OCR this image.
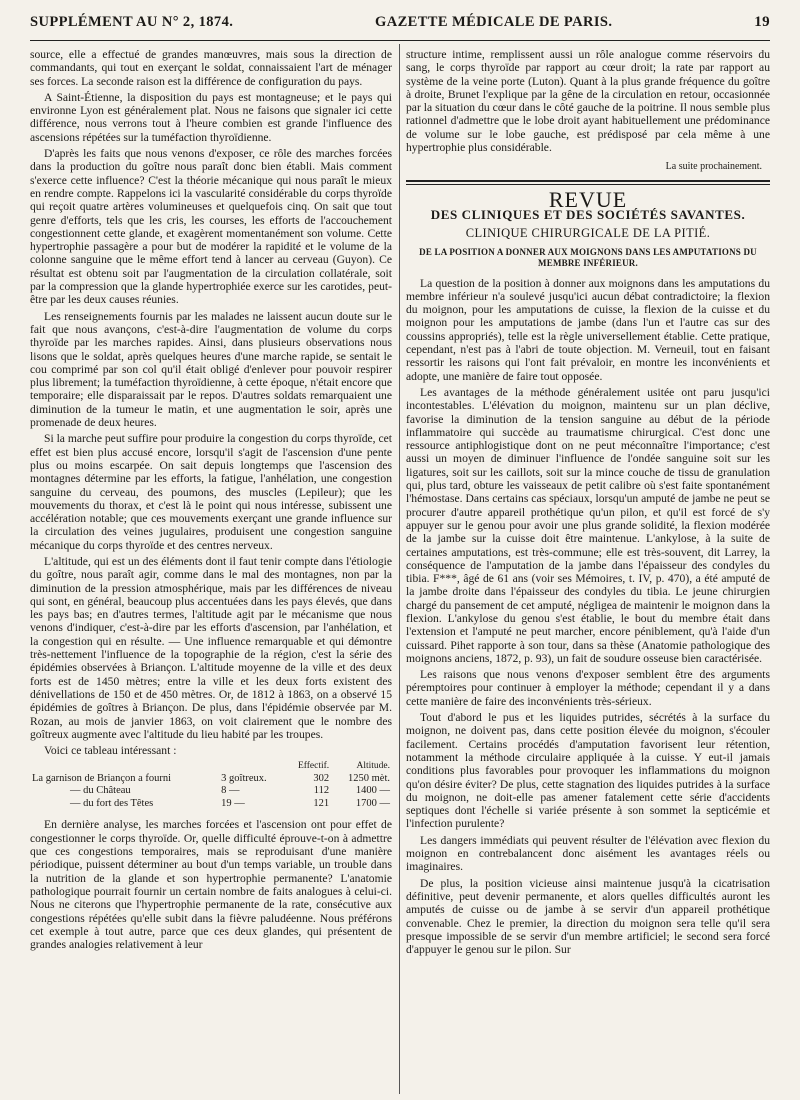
SUPPLÉMENT AU N° 2, 1874.	GAZETTE MÉDICALE DE PARIS.	19

source, elle a effectué de grandes manœuvres, mais sous la direction de commandants, qui tout en exerçant le soldat, connaissaient l'art de ménager ses forces. La seconde raison est la différence de configuration du pays.

A Saint-Étienne, la disposition du pays est montagneuse; et le pays qui environne Lyon est généralement plat. Nous ne faisons que signaler ici cette différence, nous verrons tout à l'heure combien est grande l'influence des ascensions répétées sur la tuméfaction thyroïdienne.

D'après les faits que nous venons d'exposer, ce rôle des marches forcées dans la production du goître nous paraît donc bien établi. Mais comment s'exerce cette influence? C'est la théorie mécanique qui nous paraît le mieux en rendre compte. Rappelons ici la vascularité considérable du corps thyroïde qui reçoit quatre artères volumineuses et quelquefois cinq. On sait que tout genre d'efforts, tels que les cris, les courses, les efforts de l'accouchement congestionnent cette glande, et exagèrent momentanément son volume. Cette hypertrophie passagère a pour but de modérer la rapidité et le volume de la colonne sanguine que le même effort tend à lancer au cerveau (Guyon). Ce résultat est obtenu soit par l'augmentation de la circulation collatérale, soit par la compression que la glande hypertrophiée exerce sur les carotides, peut-être par les deux causes réunies.

Les renseignements fournis par les malades ne laissent aucun doute sur le fait que nous avançons, c'est-à-dire l'augmentation de volume du corps thyroïde par les marches rapides. Ainsi, dans plusieurs observations nous lisons que le soldat, après quelques heures d'une marche rapide, se sentait le cou comprimé par son col qu'il était obligé d'enlever pour pouvoir respirer plus librement; la tuméfaction thyroïdienne, à cette époque, n'était encore que temporaire; elle disparaissait par le repos. D'autres soldats remarquaient une diminution de la tumeur le matin, et une augmentation le soir, après une promenade de deux heures.

Si la marche peut suffire pour produire la congestion du corps thyroïde, cet effet est bien plus accusé encore, lorsqu'il s'agit de l'ascension d'une pente plus ou moins escarpée. On sait depuis longtemps que l'ascension des montagnes détermine par les efforts, la fatigue, l'anhélation, une congestion sanguine du cerveau, des poumons, des muscles (Lepileur); que les mouvements du thorax, et c'est là le point qui nous intéresse, subissent une accélération notable; que ces mouvements exerçant une grande influence sur la circulation des veines jugulaires, produisent une congestion sanguine mécanique du corps thyroïde et des centres nerveux.

L'altitude, qui est un des éléments dont il faut tenir compte dans l'étiologie du goître, nous paraît agir, comme dans le mal des montagnes, non par la diminution de la pression atmosphérique, mais par les différences de niveau qui sont, en général, beaucoup plus accentuées dans les pays élevés, que dans les pays bas; en d'autres termes, l'altitude agit par le mécanisme que nous venons d'indiquer, c'est-à-dire par les efforts d'ascension, par l'anhélation, et la congestion qui en résulte. — Une influence remarquable et qui démontre très-nettement l'influence de la topographie de la région, c'est la série des épidémies observées à Briançon. L'altitude moyenne de la ville et des deux forts est de 1450 mètres; entre la ville et les deux forts existent des dénivellations de 150 et de 450 mètres. Or, de 1812 à 1863, on a observé 15 épidémies de goîtres à Briançon. De plus, dans l'épidémie observée par M. Rozan, au mois de janvier 1863, on voit clairement que le nombre des goîtreux augmente avec l'altitude du lieu habité par les troupes.

Voici ce tableau intéressant :

		Effectif.	Altitude.
La garnison de Briançon a fourni	3 goîtreux.	302	1250 mèt.
— du Château	8 —	112	1400 —
— du fort des Têtes	19 —	121	1700 —

En dernière analyse, les marches forcées et l'ascension ont pour effet de congestionner le corps thyroïde. Or, quelle difficulté éprouve-t-on à admettre que ces congestions temporaires, mais se reproduisant d'une manière périodique, puissent déterminer au bout d'un temps variable, un trouble dans la nutrition de la glande et son hypertrophie permanente? L'anatomie pathologique pourrait fournir un certain nombre de faits analogues à celui-ci. Nous ne citerons que l'hypertrophie permanente de la rate, consécutive aux congestions répétées qu'elle subit dans la fièvre paludéenne. Nous préférons cet exemple à tout autre, parce que ces deux glandes, qui présentent de grandes analogies relativement à leur

structure intime, remplissent aussi un rôle analogue comme réservoirs du sang, le corps thyroïde par rapport au cœur droit; la rate par rapport au système de la veine porte (Luton). Quant à la plus grande fréquence du goître à droite, Brunet l'explique par la gêne de la circulation en retour, occasionnée par la situation du cœur dans le côté gauche de la poitrine. Il nous semble plus rationnel d'admettre que le lobe droit ayant habituellement une prédominance de volume sur le lobe gauche, est prédisposé par cela même à une hypertrophie plus considérable.

La suite prochainement.
REVUE
DES CLINIQUES ET DES SOCIÉTÉS SAVANTES.
CLINIQUE CHIRURGICALE DE LA PITIÉ.
DE LA POSITION A DONNER AUX MOIGNONS DANS LES AMPUTATIONS DU MEMBRE INFÉRIEUR.

La question de la position à donner aux moignons dans les amputations du membre inférieur n'a soulevé jusqu'ici aucun débat contradictoire; la flexion du moignon, pour les amputations de cuisse, la flexion de la cuisse et du moignon pour les amputations de jambe (dans l'un et l'autre cas sur des coussins appropriés), telle est la règle universellement établie. Cette pratique, cependant, n'est pas à l'abri de toute objection. M. Verneuil, tout en faisant ressortir les raisons qui l'ont fait prévaloir, en montre les inconvénients et adopte, une manière de faire tout opposée.

Les avantages de la méthode généralement usitée ont paru jusqu'ici incontestables. L'élévation du moignon, maintenu sur un plan déclive, favorise la diminution de la tension sanguine au début de la période inflammatoire qui succède au traumatisme chirurgical. C'est donc une ressource antiphlogistique dont on ne peut méconnaître l'importance; c'est aussi un moyen de diminuer l'influence de l'ondée sanguine soit sur les ligatures, soit sur les caillots, soit sur la mince couche de tissu de granulation qui, plus tard, obture les vaisseaux de petit calibre où s'est faite spontanément l'hémostase. Dans certains cas spéciaux, lorsqu'un amputé de jambe ne peut se procurer d'autre appareil prothétique qu'un pilon, et qu'il est forcé de s'y appuyer sur le genou pour avoir une plus grande solidité, la flexion modérée de la jambe sur la cuisse doit être maintenue. L'ankylose, à la suite de certaines amputations, est très-commune; elle est très-souvent, dit Larrey, la conséquence de l'amputation de la jambe dans l'épaisseur des condyles du tibia. F***, âgé de 61 ans (voir ses Mémoires, t. IV, p. 470), a été amputé de la jambe droite dans l'épaisseur des condyles du tibia. Le jeune chirurgien chargé du pansement de cet amputé, négligea de maintenir le moignon dans la flexion. L'ankylose du genou s'est établie, le bout du membre était dans l'extension et l'amputé ne peut marcher, encore péniblement, qu'à l'aide d'un cuissard. Pihet rapporte à son tour, dans sa thèse (Anatomie pathologique des moignons anciens, 1872, p. 93), un fait de soudure osseuse bien caractérisée.

Les raisons que nous venons d'exposer semblent être des arguments péremptoires pour continuer à employer la méthode; cependant il y a dans cette manière de faire des inconvénients très-sérieux.

Tout d'abord le pus et les liquides putrides, sécrétés à la surface du moignon, ne doivent pas, dans cette position élevée du moignon, s'écouler facilement. Certains procédés d'amputation favorisent leur rétention, notamment la méthode circulaire appliquée à la cuisse. Y eut-il jamais conditions plus favorables pour provoquer les inflammations du moignon qu'on désire éviter? De plus, cette stagnation des liquides putrides à la surface du moignon, ne doit-elle pas amener fatalement cette série d'accidents septiques dont l'échelle si variée présente à son sommet la septicémie et l'infection purulente?

Les dangers immédiats qui peuvent résulter de l'élévation avec flexion du moignon en contrebalancent donc aisément les avantages réels ou imaginaires.

De plus, la position vicieuse ainsi maintenue jusqu'à la cicatrisation définitive, peut devenir permanente, et alors quelles difficultés auront les amputés de cuisse ou de jambe à se servir d'un appareil prothétique convenable. Chez le premier, la direction du moignon sera telle qu'il sera presque impossible de se servir d'un membre artificiel; le second sera forcé d'appuyer le genou sur le pilon. Sur
